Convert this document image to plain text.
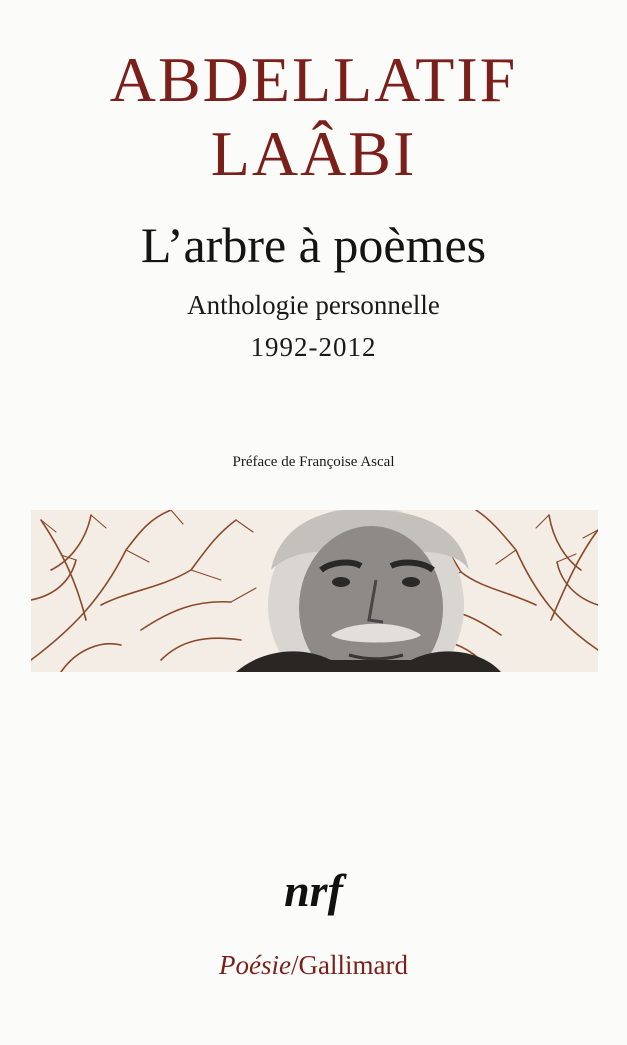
ABDELLATIF
LAÂBI
L’arbre à poèmes
Anthologie personnelle
1992-2012
Préface de Françoise Ascal
nrf
Poésie/Gallimard
